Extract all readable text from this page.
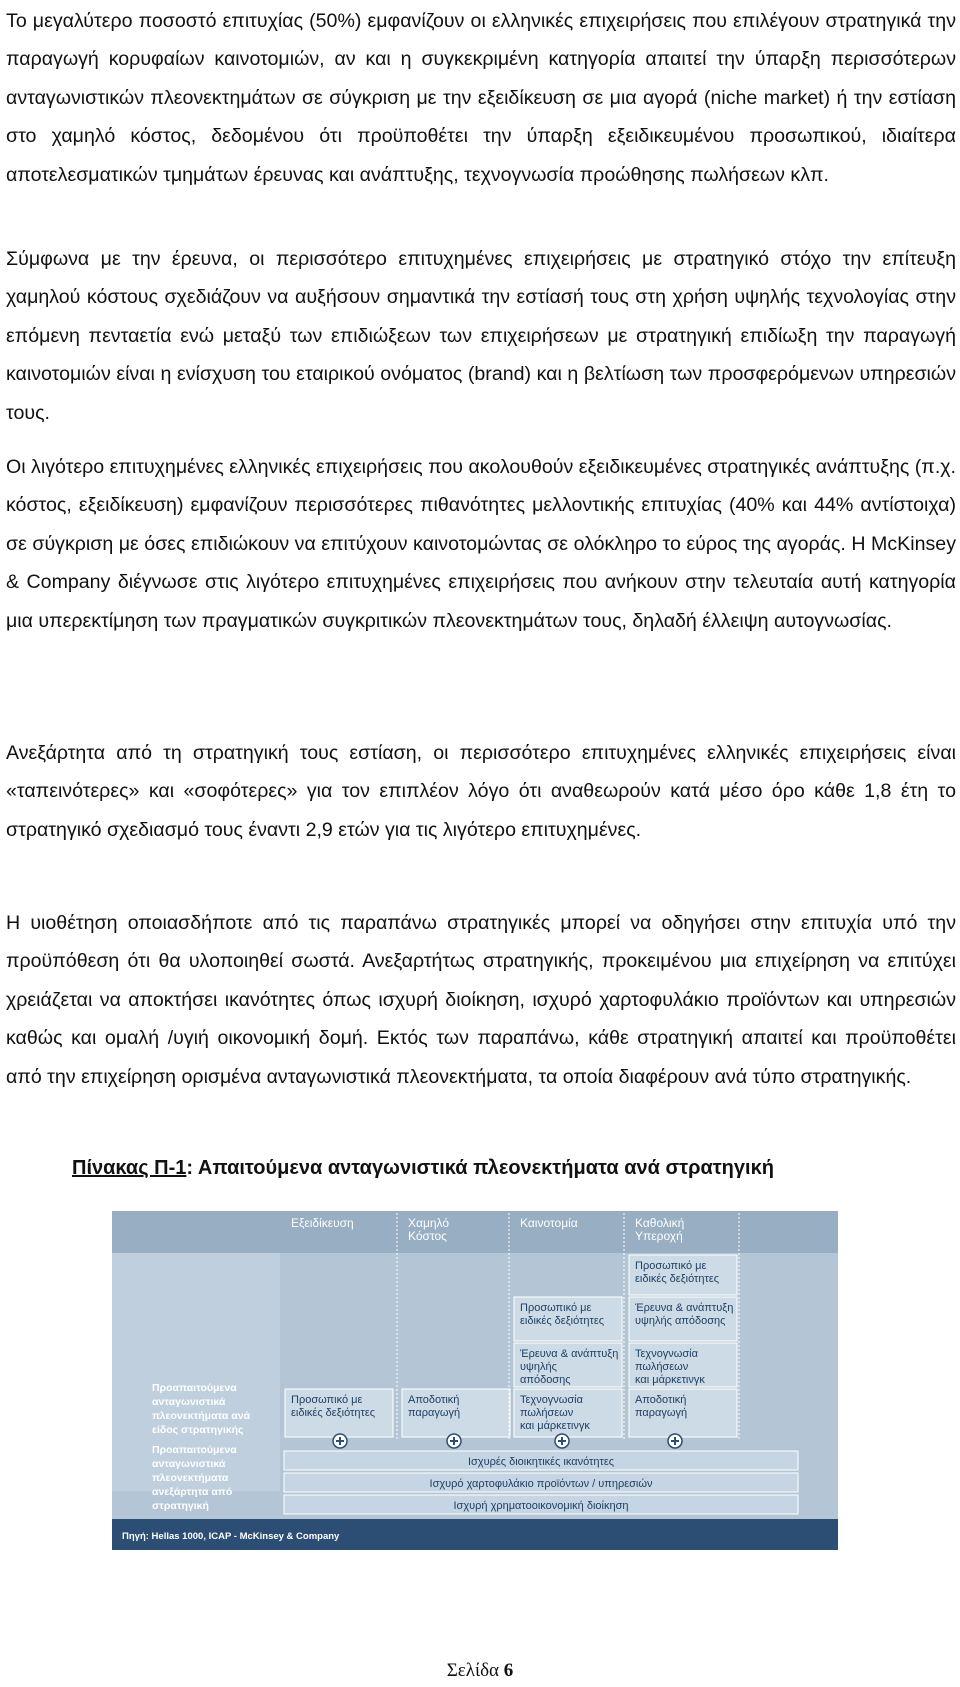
Το μεγαλύτερο ποσοστό επιτυχίας (50%) εμφανίζουν οι ελληνικές επιχειρήσεις που επιλέγουν στρατηγικά την παραγωγή κορυφαίων καινοτομιών, αν και η συγκεκριμένη κατηγορία απαιτεί την ύπαρξη περισσότερων ανταγωνιστικών πλεονεκτημάτων σε σύγκριση με την εξειδίκευση σε μια αγορά (niche market) ή την εστίαση στο χαμηλό κόστος, δεδομένου ότι προϋποθέτει την ύπαρξη εξειδικευμένου προσωπικού, ιδιαίτερα αποτελεσματικών τμημάτων έρευνας και ανάπτυξης, τεχνογνωσία προώθησης πωλήσεων κλπ.

Σύμφωνα με την έρευνα, οι περισσότερο επιτυχημένες επιχειρήσεις με στρατηγικό στόχο την επίτευξη χαμηλού κόστους σχεδιάζουν να αυξήσουν σημαντικά την εστίασή τους στη χρήση υψηλής τεχνολογίας στην επόμενη πενταετία ενώ μεταξύ των επιδιώξεων των επιχειρήσεων με στρατηγική επιδίωξη την παραγωγή καινοτομιών είναι η ενίσχυση του εταιρικού ονόματος (brand) και η βελτίωση των προσφερόμενων υπηρεσιών τους.

Οι λιγότερο επιτυχημένες ελληνικές επιχειρήσεις που ακολουθούν εξειδικευμένες στρατηγικές ανάπτυξης (π.χ. κόστος, εξειδίκευση) εμφανίζουν περισσότερες πιθανότητες μελλοντικής επιτυχίας (40% και 44% αντίστοιχα) σε σύγκριση με όσες επιδιώκουν να επιτύχουν καινοτομώντας σε ολόκληρο το εύρος της αγοράς. Η McKinsey & Company διέγνωσε στις λιγότερο επιτυχημένες επιχειρήσεις που ανήκουν στην τελευταία αυτή κατηγορία μια υπερεκτίμηση των πραγματικών συγκριτικών πλεονεκτημάτων τους, δηλαδή έλλειψη αυτογνωσίας.

Ανεξάρτητα από τη στρατηγική τους εστίαση, οι περισσότερο επιτυχημένες ελληνικές επιχειρήσεις είναι «ταπεινότερες» και «σοφότερες» για τον επιπλέον λόγο ότι αναθεωρούν κατά μέσο όρο κάθε 1,8 έτη το στρατηγικό σχεδιασμό τους έναντι 2,9 ετών για τις λιγότερο επιτυχημένες.

Η υιοθέτηση οποιασδήποτε από τις παραπάνω στρατηγικές μπορεί να οδηγήσει στην επιτυχία υπό την προϋπόθεση ότι θα υλοποιηθεί σωστά. Ανεξαρτήτως στρατηγικής, προκειμένου μια επιχείρηση να επιτύχει χρειάζεται να αποκτήσει ικανότητες όπως ισχυρή διοίκηση, ισχυρό χαρτοφυλάκιο προϊόντων και υπηρεσιών καθώς και ομαλή /υγιή οικονομική δομή. Εκτός των παραπάνω, κάθε στρατηγική απαιτεί και προϋποθέτει από την επιχείρηση ορισμένα ανταγωνιστικά πλεονεκτήματα, τα οποία διαφέρουν ανά τύπο στρατηγικής.

Πίνακας Π-1: Απαιτούμενα ανταγωνιστικά πλεονεκτήματα ανά στρατηγική
Εξειδίκευση	Χαμηλό Κόστος
Καινοτομία	Καθολική Υπεροχή
Προσωπικό με ειδικές δεξιότητες
Έρευνα & ανάπτυξη υψηλής απόδοσης
Προσωπικό με ειδικές δεξιότητες
Τεχνογνωσία πωλήσεων και μάρκετινγκ
Έρευνα & ανάπτυξη υψηλής απόδοσης
Προσωπικό με ειδικές δεξιότητες
Αποδοτική παραγωγή
Τεχνογνωσία πωλήσεων και μάρκετινγκ
Αποδοτική παραγωγή
Προαπαιτούμενα ανταγωνιστικά πλεονεκτήματα ανά είδος στρατηγικής
Προαπαιτούμενα ανταγωνιστικά πλεονεκτήματα ανεξάρτητα από στρατηγική
Ισχυρές διοικητικές ικανότητες
Ισχυρό χαρτοφυλάκιο προϊόντων / υπηρεσιών
Ισχυρή χρηματοοικονομική διοίκηση
Πηγή: Hellas 1000, ICAP - McKinsey & Company
Σελίδα 6
